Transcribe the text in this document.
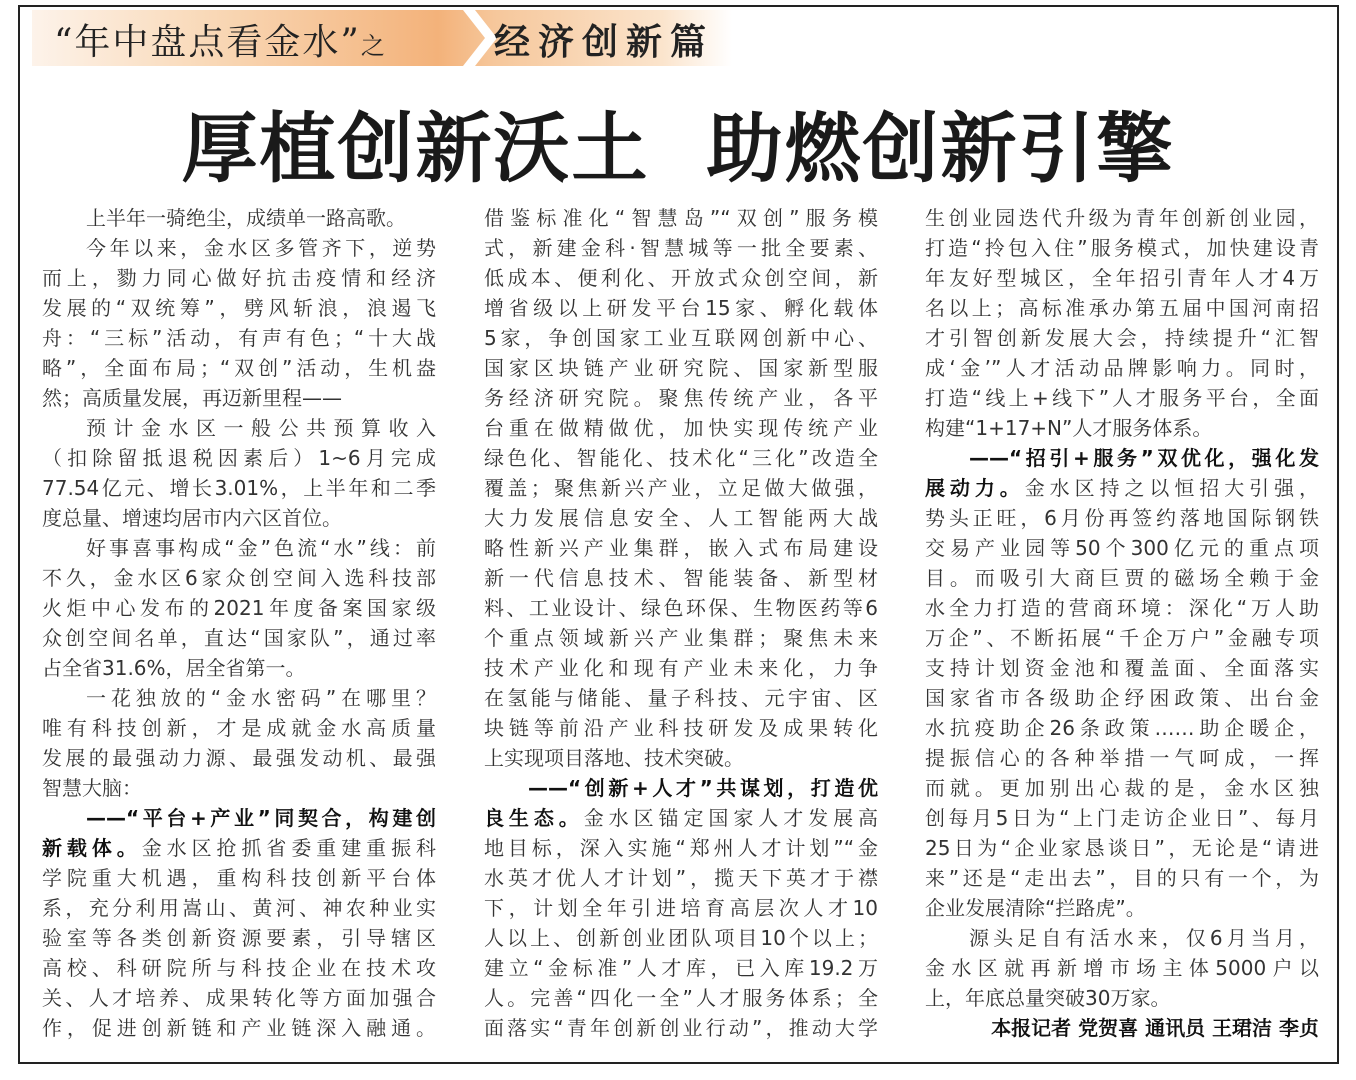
“年中盘点看金水”之	经济创新篇
厚植创新沃土  助燃创新引擎
上半年一骑绝尘，成绩单一路高歌。
今年以来，金水区多管齐下，逆势
而上，勠力同心做好抗击疫情和经济
发展的“双统筹”，劈风斩浪，浪遏飞
舟：“三标”活动，有声有色；“十大战
略”，全面布局；“双创”活动，生机盎
然；高质量发展，再迈新里程——
预计金水区一般公共预算收入
（扣除留抵退税因素后）1~6月完成
77.54亿元、增长3.01%，上半年和二季
度总量、增速均居市内六区首位。
好事喜事构成“金”色流“水”线：前
不久，金水区6家众创空间入选科技部
火炬中心发布的2021年度备案国家级
众创空间名单，直达“国家队”，通过率
占全省31.6%，居全省第一。
一花独放的“金水密码”在哪里？
唯有科技创新，才是成就金水高质量
发展的最强动力源、最强发动机、最强
智慧大脑：
——“平台+产业”同契合，构建创
新载体。金水区抢抓省委重建重振科
学院重大机遇，重构科技创新平台体
系，充分利用嵩山、黄河、神农种业实
验室等各类创新资源要素，引导辖区
高校、科研院所与科技企业在技术攻
关、人才培养、成果转化等方面加强合
作，促进创新链和产业链深入融通。
借鉴标准化“智慧岛”“双创”服务模
式，新建金科·智慧城等一批全要素、
低成本、便利化、开放式众创空间，新
增省级以上研发平台15家、孵化载体
5家，争创国家工业互联网创新中心、
国家区块链产业研究院、国家新型服
务经济研究院。聚焦传统产业，各平
台重在做精做优，加快实现传统产业
绿色化、智能化、技术化“三化”改造全
覆盖；聚焦新兴产业，立足做大做强，
大力发展信息安全、人工智能两大战
略性新兴产业集群，嵌入式布局建设
新一代信息技术、智能装备、新型材
料、工业设计、绿色环保、生物医药等6
个重点领域新兴产业集群；聚焦未来
技术产业化和现有产业未来化，力争
在氢能与储能、量子科技、元宇宙、区
块链等前沿产业科技研发及成果转化
上实现项目落地、技术突破。
——“创新+人才”共谋划，打造优
良生态。金水区锚定国家人才发展高
地目标，深入实施“郑州人才计划”“金
水英才优人才计划”，揽天下英才于襟
下，计划全年引进培育高层次人才10
人以上、创新创业团队项目10个以上；
建立“金标准”人才库，已入库19.2万
人。完善“四化一全”人才服务体系；全
面落实“青年创新创业行动”，推动大学
生创业园迭代升级为青年创新创业园，
打造“拎包入住”服务模式，加快建设青
年友好型城区，全年招引青年人才4万
名以上；高标准承办第五届中国河南招
才引智创新发展大会，持续提升“汇智
成‘金’”人才活动品牌影响力。同时，
打造“线上+线下”人才服务平台，全面
构建“1+17+N”人才服务体系。
——“招引+服务”双优化，强化发
展动力。金水区持之以恒招大引强，
势头正旺，6月份再签约落地国际钢铁
交易产业园等50个300亿元的重点项
目。而吸引大商巨贾的磁场全赖于金
水全力打造的营商环境：深化“万人助
万企”、不断拓展“千企万户”金融专项
支持计划资金池和覆盖面、全面落实
国家省市各级助企纾困政策、出台金
水抗疫助企26条政策……助企暖企，
提振信心的各种举措一气呵成，一挥
而就。更加别出心裁的是，金水区独
创每月5日为“上门走访企业日”、每月
25日为“企业家恳谈日”，无论是“请进
来”还是“走出去”，目的只有一个，为
企业发展清除“拦路虎”。
源头足自有活水来，仅6月当月，
金水区就再新增市场主体5000户以
上，年底总量突破30万家。
本报记者 党贺喜 通讯员 王珺洁 李贞
